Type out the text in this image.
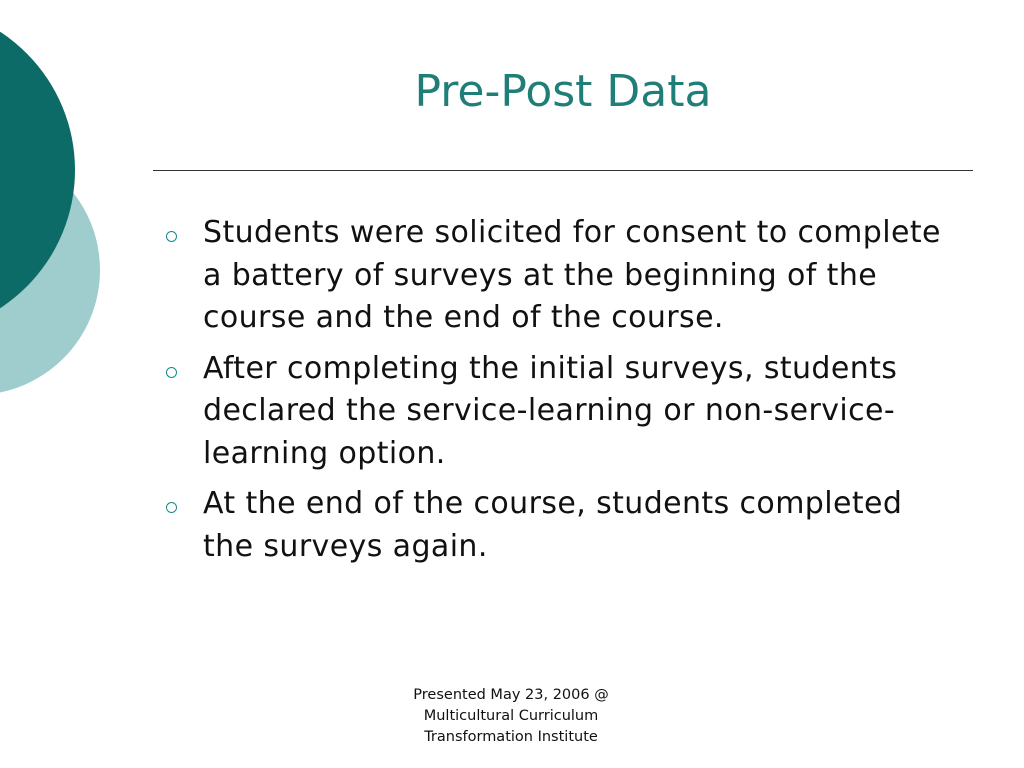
Pre-Post Data
Students were solicited for consent to complete a battery of surveys at the beginning of the course and the end of the course.
After completing the initial surveys, students declared the service-learning or non-service-learning option.
At the end of the course, students completed the surveys again.
Presented May 23, 2006 @
Multicultural Curriculum
Transformation Institute
